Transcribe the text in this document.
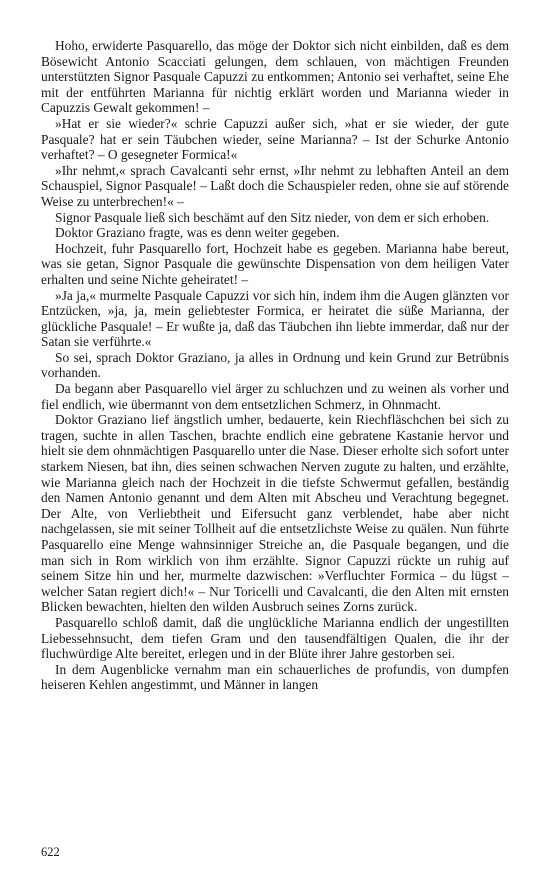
Hoho, erwiderte Pasquarello, das möge der Doktor sich nicht einbilden, daß es dem Bösewicht Antonio Scacciati gelungen, dem schlauen, von mächtigen Freunden unterstützten Signor Pasquale Capuzzi zu entkommen; Antonio sei verhaftet, seine Ehe mit der entführten Marianna für nichtig erklärt worden und Marianna wieder in Capuzzis Gewalt gekommen! –

»Hat er sie wieder?« schrie Capuzzi außer sich, »hat er sie wieder, der gute Pasquale? hat er sein Täubchen wieder, seine Marianna? – Ist der Schurke Antonio verhaftet? – O gesegneter Formica!«

»Ihr nehmt,« sprach Cavalcanti sehr ernst, »Ihr nehmt zu lebhaften Anteil an dem Schauspiel, Signor Pasquale! – Laßt doch die Schauspieler reden, ohne sie auf störende Weise zu unterbrechen!« –

Signor Pasquale ließ sich beschämt auf den Sitz nieder, von dem er sich erhoben.

Doktor Graziano fragte, was es denn weiter gegeben.

Hochzeit, fuhr Pasquarello fort, Hochzeit habe es gegeben. Marianna habe bereut, was sie getan, Signor Pasquale die gewünschte Dispensation von dem heiligen Vater erhalten und seine Nichte geheiratet! –

»Ja ja,« murmelte Pasquale Capuzzi vor sich hin, indem ihm die Augen glänzten vor Entzücken, »ja, ja, mein geliebtester Formica, er heiratet die süße Marianna, der glückliche Pasquale! – Er wußte ja, daß das Täubchen ihn liebte immerdar, daß nur der Satan sie verführte.«

So sei, sprach Doktor Graziano, ja alles in Ordnung und kein Grund zur Betrübnis vorhanden.

Da begann aber Pasquarello viel ärger zu schluchzen und zu weinen als vorher und fiel endlich, wie übermannt von dem entsetzlichen Schmerz, in Ohnmacht.

Doktor Graziano lief ängstlich umher, bedauerte, kein Riechfläschchen bei sich zu tragen, suchte in allen Taschen, brachte endlich eine gebratene Kastanie hervor und hielt sie dem ohnmächtigen Pasquarello unter die Nase. Dieser erholte sich sofort unter starkem Niesen, bat ihn, dies seinen schwachen Nerven zugute zu halten, und erzählte, wie Marianna gleich nach der Hochzeit in die tiefste Schwermut gefallen, beständig den Namen Antonio genannt und dem Alten mit Abscheu und Verachtung begegnet. Der Alte, von Verliebtheit und Eifersucht ganz verblendet, habe aber nicht nachgelassen, sie mit seiner Tollheit auf die entsetzlichste Weise zu quälen. Nun führte Pasquarello eine Menge wahnsinniger Streiche an, die Pasquale begangen, und die man sich in Rom wirklich von ihm erzählte. Signor Capuzzi rückte un ruhig auf seinem Sitze hin und her, murmelte dazwischen: »Verfluchter Formica – du lügst – welcher Satan regiert dich!« – Nur Toricelli und Cavalcanti, die den Alten mit ernsten Blicken bewachten, hielten den wilden Ausbruch seines Zorns zurück.

Pasquarello schloß damit, daß die unglückliche Marianna endlich der ungestillten Liebessehnsucht, dem tiefen Gram und den tausendfältigen Qualen, die ihr der fluchwürdige Alte bereitet, erlegen und in der Blüte ihrer Jahre gestorben sei.

In dem Augenblicke vernahm man ein schauerliches de profundis, von dumpfen heiseren Kehlen angestimmt, und Männer in langen

622
